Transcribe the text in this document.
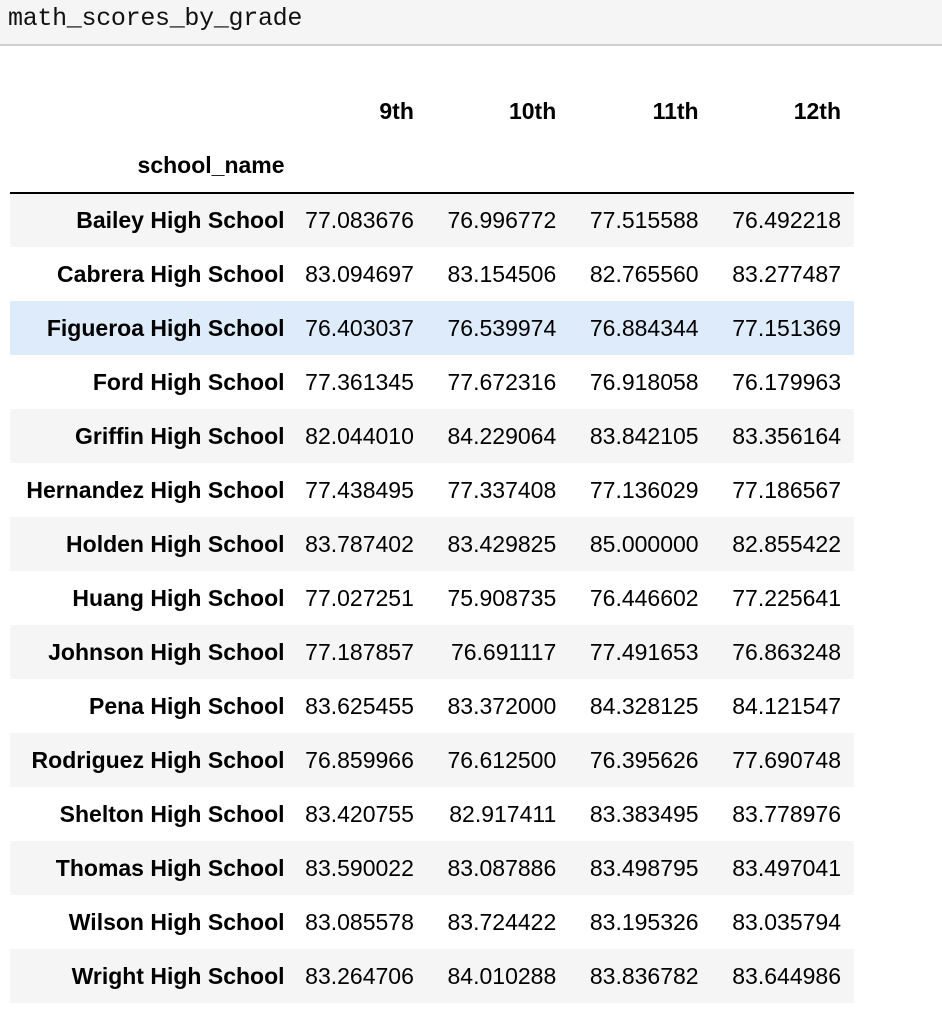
math_scores_by_grade
	9th	10th	11th	12th
school_name				
Bailey High School	77.083676	76.996772	77.515588	76.492218
Cabrera High School	83.094697	83.154506	82.765560	83.277487
Figueroa High School	76.403037	76.539974	76.884344	77.151369
Ford High School	77.361345	77.672316	76.918058	76.179963
Griffin High School	82.044010	84.229064	83.842105	83.356164
Hernandez High School	77.438495	77.337408	77.136029	77.186567
Holden High School	83.787402	83.429825	85.000000	82.855422
Huang High School	77.027251	75.908735	76.446602	77.225641
Johnson High School	77.187857	76.691117	77.491653	76.863248
Pena High School	83.625455	83.372000	84.328125	84.121547
Rodriguez High School	76.859966	76.612500	76.395626	77.690748
Shelton High School	83.420755	82.917411	83.383495	83.778976
Thomas High School	83.590022	83.087886	83.498795	83.497041
Wilson High School	83.085578	83.724422	83.195326	83.035794
Wright High School	83.264706	84.010288	83.836782	83.644986
